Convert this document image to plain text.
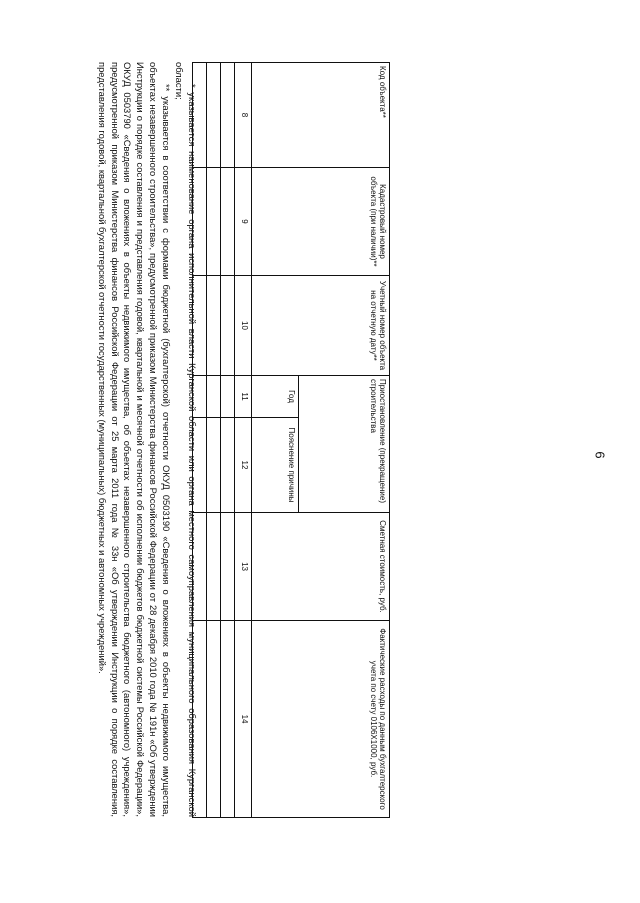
6
Код объекта**	Кадастровый номер объекта (при наличии)**	Учетный номер объекта на отчетную дату**	Приостановление (прекращение) строительства		Сметная стоимость, руб.	Фактические расходы по данным бухгалтерского учета по счету 0106Х1000, руб.
			Год	Пояснение причины		
8	9	10	11	12	13	14

* указывается наименование органа исполнительной власти Курганской области или органа местного самоуправления муниципального образования Курганской области;

** указывается в соответствии с формами бюджетной (бухгалтерской) отчетности ОКУД 0503190 «Сведения о вложениях в объекты недвижимого имущества, объектах незавершенного строительства», предусмотренной приказом Министерства финансов Российской Федерации от 28 декабря 2010 года № 191н «Об утверждении Инструкции о порядке составления и представления годовой, квартальной и месячной отчетности об исполнении бюджетов бюджетной системы Российской Федерации», ОКУД 0503790 «Сведения о вложениях в объекты недвижимого имущества, об объектах незавершенного строительства бюджетного (автономного) учреждения», предусмотренной приказом Министерства финансов Российской Федерации от 25 марта 2011 года № 33н «Об утверждении Инструкции о порядке составления, представления годовой, квартальной бухгалтерской отчетности государственных (муниципальных) бюджетных и автономных учреждений».
